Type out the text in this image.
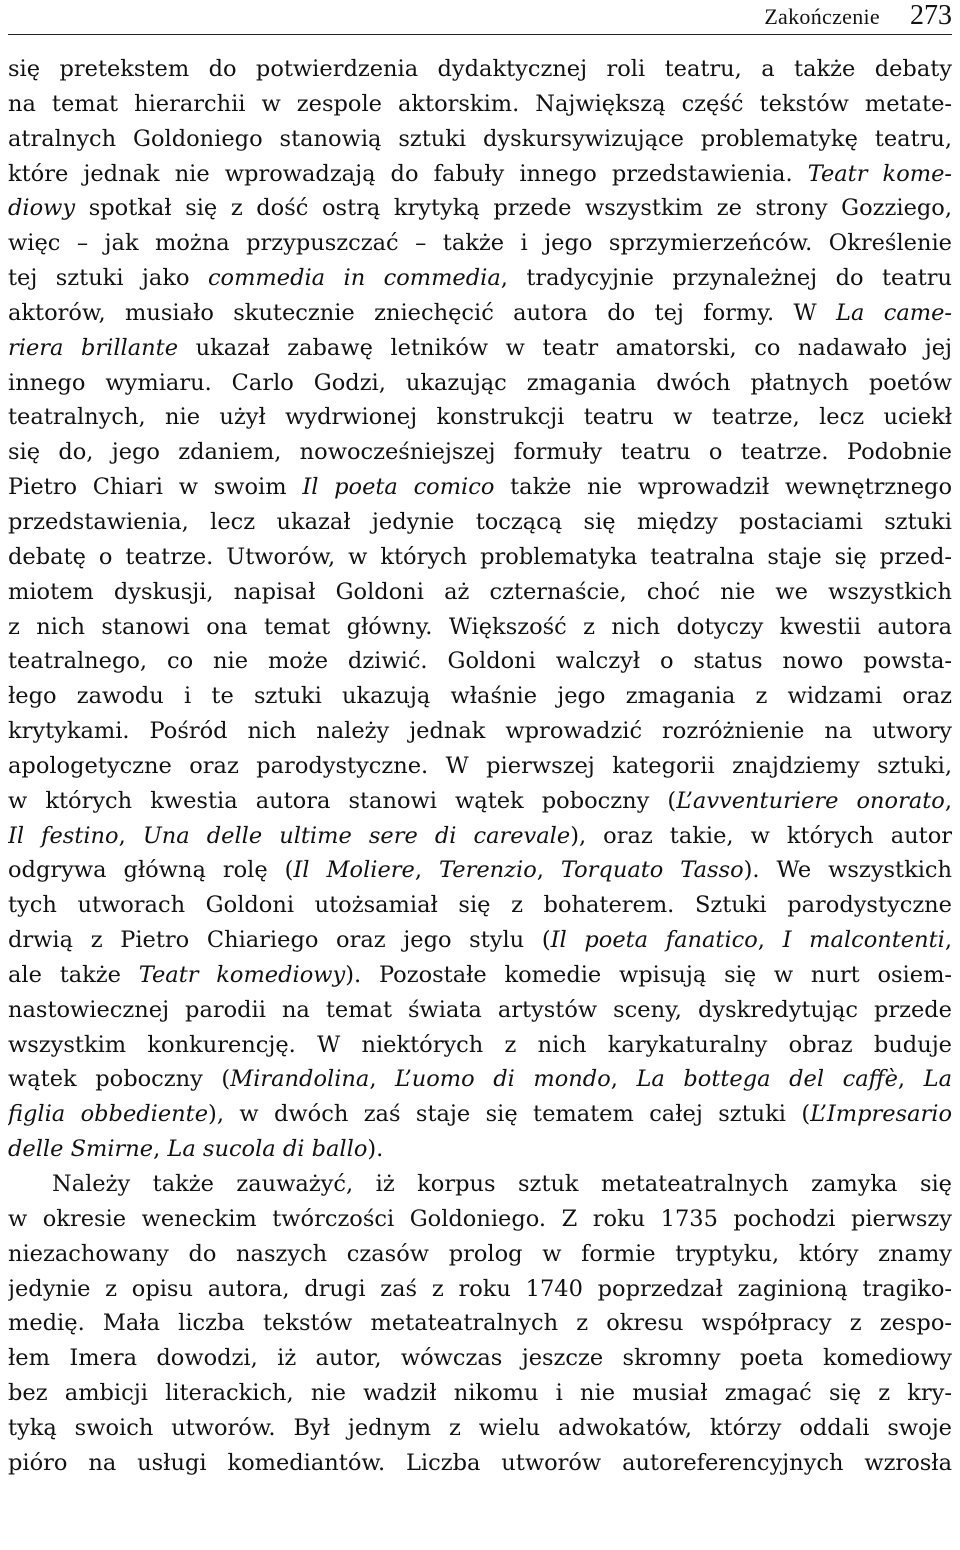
Zakończenie 273
się pretekstem do potwierdzenia dydaktycznej roli teatru, a także debaty
na temat hierarchii w zespole aktorskim. Największą część tekstów metate-
atralnych Goldoniego stanowią sztuki dyskursywizujące problematykę teatru,
które jednak nie wprowadzają do fabuły innego przedstawienia. Teatr kome-
diowy spotkał się z dość ostrą krytyką przede wszystkim ze strony Gozziego,
więc – jak można przypuszczać – także i jego sprzymierzeńców. Określenie
tej sztuki jako commedia in commedia, tradycyjnie przynależnej do teatru
aktorów, musiało skutecznie zniechęcić autora do tej formy. W La came-
riera brillante ukazał zabawę letników w teatr amatorski, co nadawało jej
innego wymiaru. Carlo Godzi, ukazując zmagania dwóch płatnych poetów
teatralnych, nie użył wydrwionej konstrukcji teatru w teatrze, lecz uciekł
się do, jego zdaniem, nowocześniejszej formuły teatru o teatrze. Podobnie
Pietro Chiari w swoim Il poeta comico także nie wprowadził wewnętrznego
przedstawienia, lecz ukazał jedynie toczącą się między postaciami sztuki
debatę o teatrze. Utworów, w których problematyka teatralna staje się przed-
miotem dyskusji, napisał Goldoni aż czternaście, choć nie we wszystkich
z nich stanowi ona temat główny. Większość z nich dotyczy kwestii autora
teatralnego, co nie może dziwić. Goldoni walczył o status nowo powsta-
łego zawodu i te sztuki ukazują właśnie jego zmagania z widzami oraz
krytykami. Pośród nich należy jednak wprowadzić rozróżnienie na utwory
apologetyczne oraz parodystyczne. W pierwszej kategorii znajdziemy sztuki,
w których kwestia autora stanowi wątek poboczny (L’avventuriere onorato,
Il festino, Una delle ultime sere di carevale), oraz takie, w których autor
odgrywa główną rolę (Il Moliere, Terenzio, Torquato Tasso). We wszystkich
tych utworach Goldoni utożsamiał się z bohaterem. Sztuki parodystyczne
drwią z Pietro Chiariego oraz jego stylu (Il poeta fanatico, I malcontenti,
ale także Teatr komediowy). Pozostałe komedie wpisują się w nurt osiem-
nastowiecznej parodii na temat świata artystów sceny, dyskredytując przede
wszystkim konkurencję. W niektórych z nich karykaturalny obraz buduje
wątek poboczny (Mirandolina, L’uomo di mondo, La bottega del caffè, La
figlia obbediente), w dwóch zaś staje się tematem całej sztuki (L’Impresario
delle Smirne, La sucola di ballo).
Należy także zauważyć, iż korpus sztuk metateatralnych zamyka się
w okresie weneckim twórczości Goldoniego. Z roku 1735 pochodzi pierwszy
niezachowany do naszych czasów prolog w formie tryptyku, który znamy
jedynie z opisu autora, drugi zaś z roku 1740 poprzedzał zaginioną tragiko-
medię. Mała liczba tekstów metateatralnych z okresu współpracy z zespo-
łem Imera dowodzi, iż autor, wówczas jeszcze skromny poeta komediowy
bez ambicji literackich, nie wadził nikomu i nie musiał zmagać się z kry-
tyką swoich utworów. Był jednym z wielu adwokatów, którzy oddali swoje
pióro na usługi komediantów. Liczba utworów autoreferencyjnych wzrosła
